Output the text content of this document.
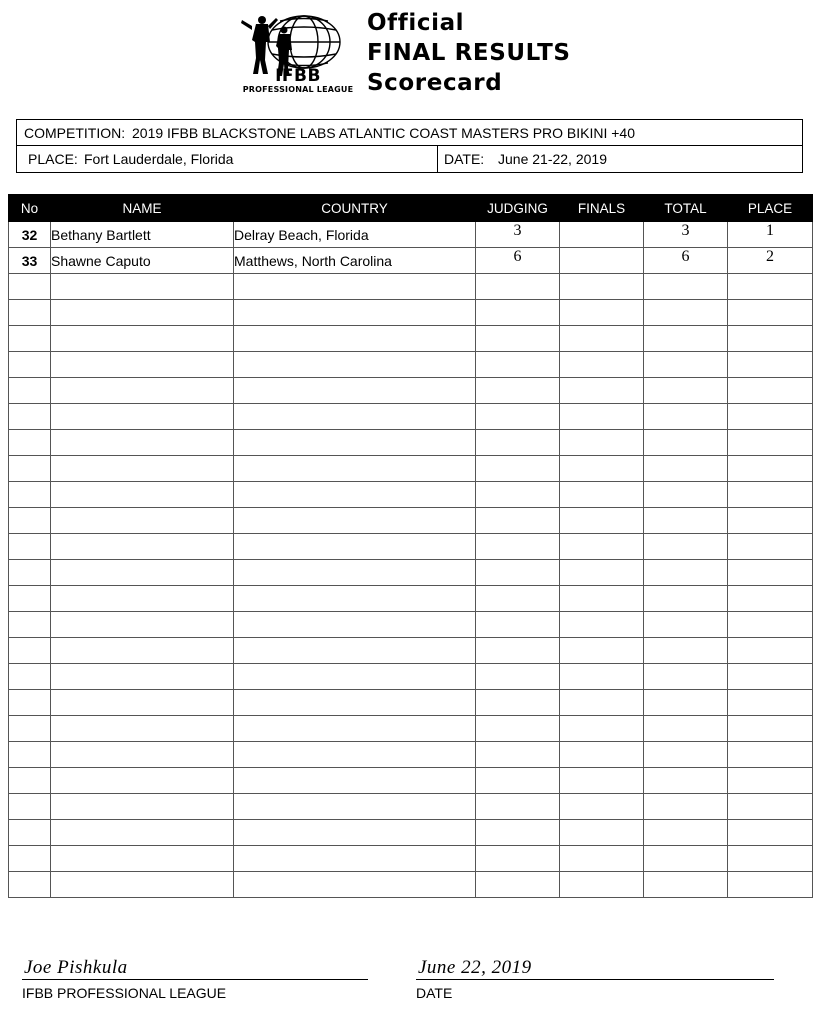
IFBB
PROFESSIONAL LEAGUE
Official
FINAL RESULTS
Scorecard
COMPETITION: 2019 IFBB BLACKSTONE LABS ATLANTIC COAST MASTERS PRO BIKINI +40
PLACE: Fort Lauderdale, Florida	DATE: June 21-22, 2019
No	NAME	COUNTRY	JUDGING	FINALS	TOTAL	PLACE
32	Bethany Bartlett	Delray Beach, Florida	3		3	1
33	Shawne Caputo	Matthews, North Carolina	6		6	2

Joe Pishkula
IFBB PROFESSIONAL LEAGUE
June 22, 2019
DATE
